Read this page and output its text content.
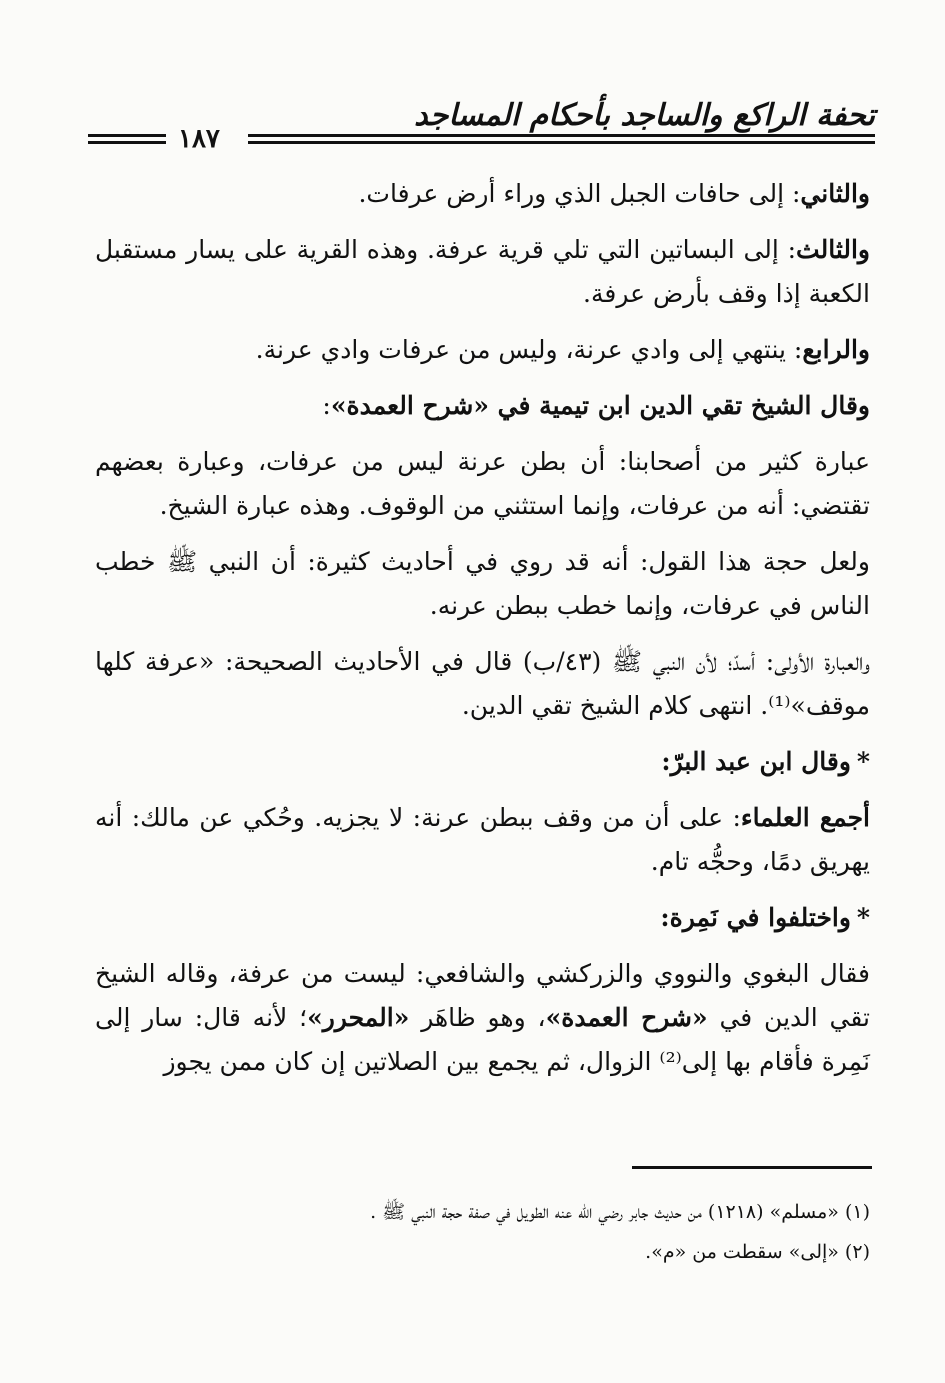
تحفة الراكع والساجد بأحكام المساجد
١٨٧

والثاني: إلى حافات الجبل الذي وراء أرض عرفات.

والثالث: إلى البساتين التي تلي قرية عرفة. وهذه القرية على يسار مستقبل الكعبة إذا وقف بأرض عرفة.

والرابع: ينتهي إلى وادي عرنة، وليس من عرفات وادي عرنة.

وقال الشيخ تقي الدين ابن تيمية في «شرح العمدة»:

عبارة كثير من أصحابنا: أن بطن عرنة ليس من عرفات، وعبارة بعضهم تقتضي: أنه من عرفات، وإنما استثني من الوقوف. وهذه عبارة الشيخ.

ولعل حجة هذا القول: أنه قد روي في أحاديث كثيرة: أن النبي ﷺ خطب الناس في عرفات، وإنما خطب ببطن عرنه.

والعبارة الأولى: أسدّ؛ لأن النبي ﷺ (٤٣/ب) قال في الأحاديث الصحيحة: «عرفة كلها موقف»⁽¹⁾. انتهى كلام الشيخ تقي الدين.

*وقال ابن عبد البرّ:

أجمع العلماء: على أن من وقف ببطن عرنة: لا يجزيه. وحُكي عن مالك: أنه يهريق دمًا، وحجُّه تام.

*واختلفوا في نَمِرة:

فقال البغوي والنووي والزركشي والشافعي: ليست من عرفة، وقاله الشيخ تقي الدين في «شرح العمدة»، وهو ظاهَر «المحرر»؛ لأنه قال: سار إلى نَمِرة فأقام بها إلى⁽²⁾ الزوال، ثم يجمع بين الصلاتين إن كان ممن يجوز

(١) «مسلم» (١٢١٨) من حديث جابر رضي الله عنه الطويل في صفة حجة النبي ﷺ .

(٢) «إلى» سقطت من «م».
